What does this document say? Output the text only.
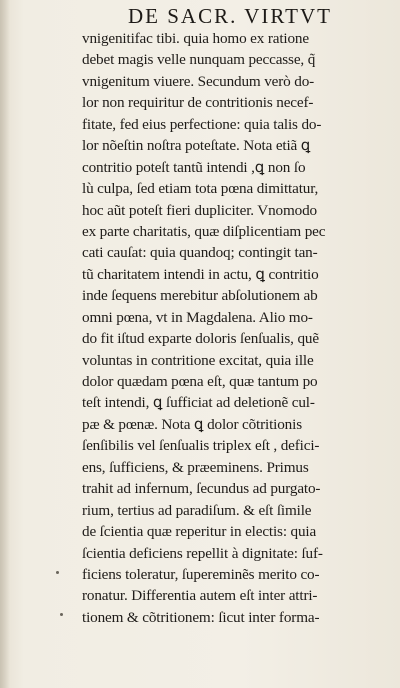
DE SACR. VIRTVT
vnigenitifac tibi. quia homo ex ratione
debet magis velle nunquam peccasse, q̃
vnigenitum viuere. Secundum verò do-
lor non requiritur de contritionis necef-
fitate, fed eius perfectione: quia talis do-
lor nõeſtin noſtra poteſtate. Nota etiã ꝗ
contritio poteſt tantũ intendi ,ꝗ non ſo
lù culpa, ſed etiam tota pœna dimittatur,
hoc aũt poteſt fieri dupliciter. Vnomodo
ex parte charitatis, quæ diſplicentiam pec
cati cauſat: quia quandoq; contingit tan-
tũ charitatem intendi in actu, ꝗ contritio
inde ſequens merebitur abſolutionem ab
omni pœna, vt in Magdalena. Alio mo-
do fit iſtud exparte doloris ſenſualis, quẽ
voluntas in contritione excitat, quia ille
dolor quædam pœna eſt, quæ tantum po
teſt intendi, ꝗ ſufficiat ad deletionẽ cul-
pæ & pœnæ. Nota ꝗ dolor cõtritionis
ſenſibilis vel ſenſualis triplex eſt , defici-
ens, ſufficiens, & præeminens. Primus
trahit ad infernum, ſecundus ad purgato-
rium, tertius ad paradiſum. & eſt ſimile
de ſcientia quæ reperitur in electis: quia
ſcientia deficiens repellit à dignitate: ſuf-
ficiens toleratur, ſupereminẽs merito co-
ronatur. Differentia autem eſt inter attri-
tionem & cõtritionem: ſicut inter forma-
